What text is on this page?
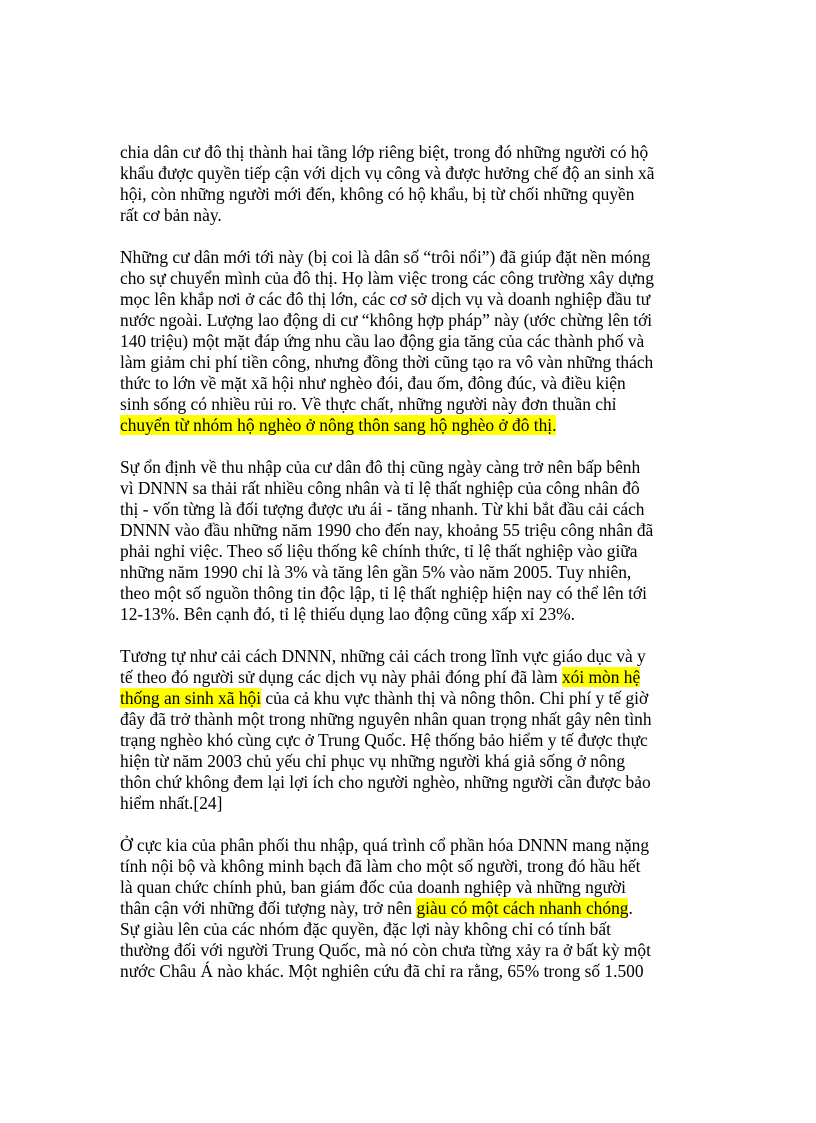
chia dân cư đô thị thành hai tầng lớp riêng biệt, trong đó những người có hộ
khẩu được quyền tiếp cận với dịch vụ công và được hưởng chế độ an sinh xã
hội, còn những người mới đến, không có hộ khẩu, bị từ chối những quyền
rất cơ bản này.

Những cư dân mới tới này (bị coi là dân số “trôi nổi”) đã giúp đặt nền móng
cho sự chuyển mình của đô thị. Họ làm việc trong các công trường xây dựng
mọc lên khắp nơi ở các đô thị lớn, các cơ sở dịch vụ và doanh nghiệp đầu tư
nước ngoài. Lượng lao động di cư “không hợp pháp” này (ước chừng lên tới
140 triệu) một mặt đáp ứng nhu cầu lao động gia tăng của các thành phố và
làm giảm chi phí tiền công, nhưng đồng thời cũng tạo ra vô vàn những thách
thức to lớn về mặt xã hội như nghèo đói, đau ốm, đông đúc, và điều kiện
sinh sống có nhiều rủi ro. Về thực chất, những người này đơn thuần chỉ
chuyển từ nhóm hộ nghèo ở nông thôn sang hộ nghèo ở đô thị.

Sự ổn định về thu nhập của cư dân đô thị cũng ngày càng trở nên bấp bênh
vì DNNN sa thải rất nhiều công nhân và tỉ lệ thất nghiệp của công nhân đô
thị - vốn từng là đối tượng được ưu ái - tăng nhanh. Từ khi bắt đầu cải cách
DNNN vào đầu những năm 1990 cho đến nay, khoảng 55 triệu công nhân đã
phải nghỉ việc. Theo số liệu thống kê chính thức, tỉ lệ thất nghiệp vào giữa
những năm 1990 chỉ là 3% và tăng lên gần 5% vào năm 2005. Tuy nhiên,
theo một số nguồn thông tin độc lập, tỉ lệ thất nghiệp hiện nay có thể lên tới
12-13%. Bên cạnh đó, tỉ lệ thiếu dụng lao động cũng xấp xỉ 23%.

Tương tự như cải cách DNNN, những cải cách trong lĩnh vực giáo dục và y
tế theo đó người sử dụng các dịch vụ này phải đóng phí đã làm xói mòn hệ
thống an sinh xã hội của cả khu vực thành thị và nông thôn. Chi phí y tế giờ
đây đã trở thành một trong những nguyên nhân quan trọng nhất gây nên tình
trạng nghèo khó cùng cực ở Trung Quốc. Hệ thống bảo hiểm y tế được thực
hiện từ năm 2003 chủ yếu chỉ phục vụ những người khá giả sống ở nông
thôn chứ không đem lại lợi ích cho người nghèo, những người cần được bảo
hiểm nhất.[24]

Ở cực kia của phân phối thu nhập, quá trình cổ phần hóa DNNN mang nặng
tính nội bộ và không minh bạch đã làm cho một số người, trong đó hầu hết
là quan chức chính phủ, ban giám đốc của doanh nghiệp và những người
thân cận với những đối tượng này, trở nên giàu có một cách nhanh chóng.
Sự giàu lên của các nhóm đặc quyền, đặc lợi này không chỉ có tính bất
thường đối với người Trung Quốc, mà nó còn chưa từng xảy ra ở bất kỳ một
nước Châu Á nào khác. Một nghiên cứu đã chỉ ra rằng, 65% trong số 1.500
